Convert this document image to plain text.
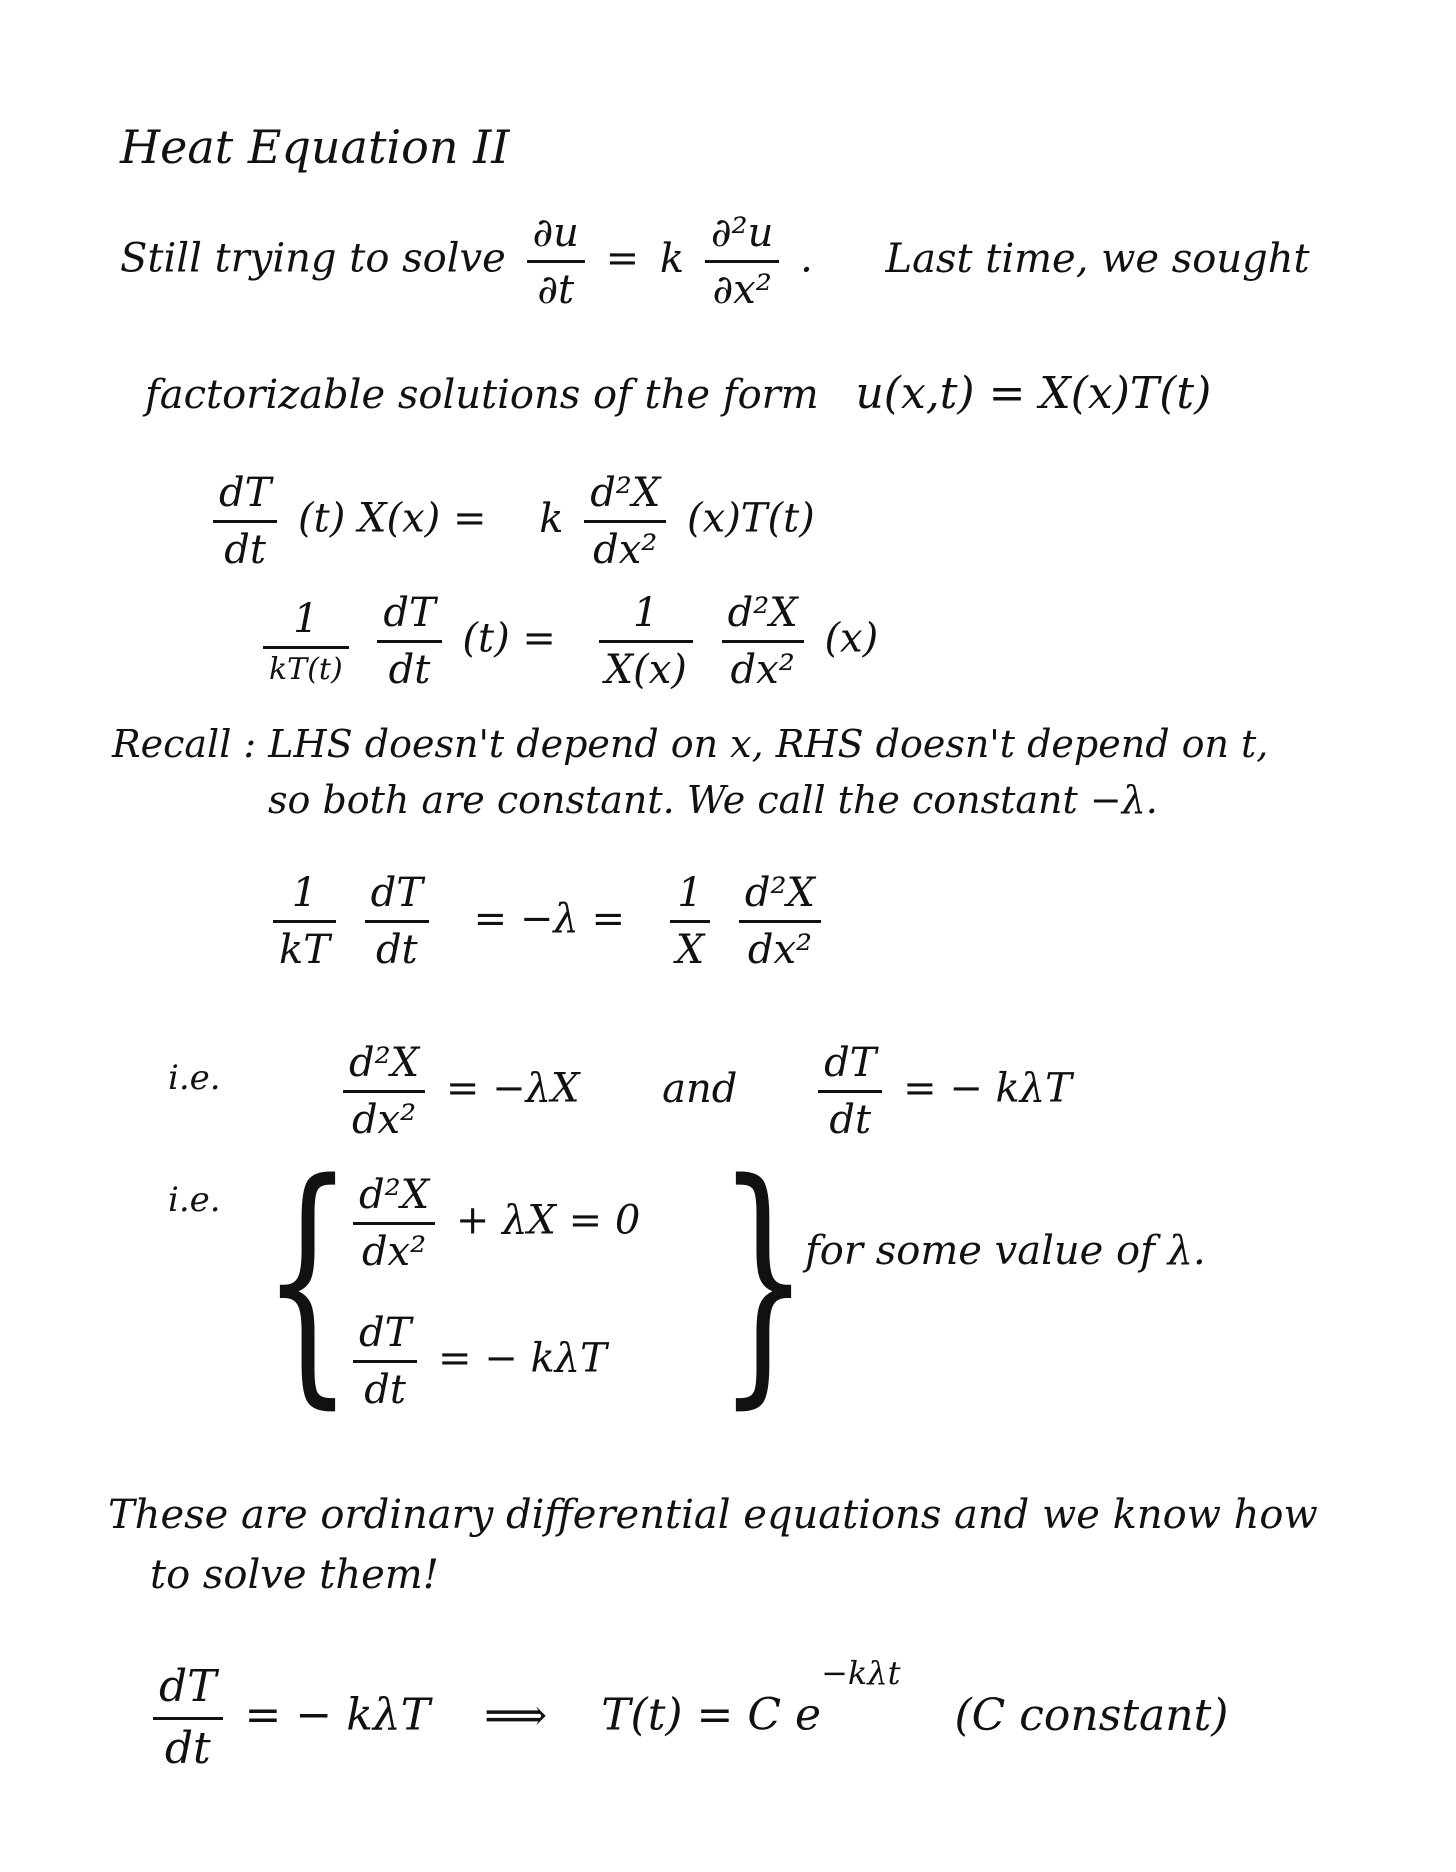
Heat Equation II
Still trying to solve $\frac{\partial u}{\partial t} = k \frac{\text{∂²u}}{\text{∂x²}}$ . Last time, we sought
factorizable solutions of the form u(x,t) = X(x)T(t)
$\frac{dT}{dt} (t) X(x) = k \frac{\text{d²X}}{\text{dx²}} (x)T(t)$
$\frac{1}{kT(t)}$
$\frac{dT}{dt} (t) = \frac{1}{X(x)}$
$\frac{\text{d²X}}{\text{dx²}} (x)$
Recall : LHS doesn't depend on x, RHS doesn't depend on t,
so both are constant. We call the constant −λ.
$\frac{1}{kT}$
$\frac{dT}{dt} = -\lambda = \frac{1}{X}$
$\frac{\text{d²X}}{\text{dx²}}$
i.e.	$\frac{\text{d²X}}{\text{dx²}} = -\lambda X$ and $\frac{dT}{dt}$ = − kλT
i.e. { $\frac{\text{d²X}}{\text{dx²}} + \lambda X = 0$
$\frac{dT}{dt}$ = − kλT }
for some value of λ.
These are ordinary differential equations and we know how
to solve them!
$\frac{dT}{dt}$ = − kλT ⟹ T(t) = C $e^{-k\lambda t}$ (C constant)
